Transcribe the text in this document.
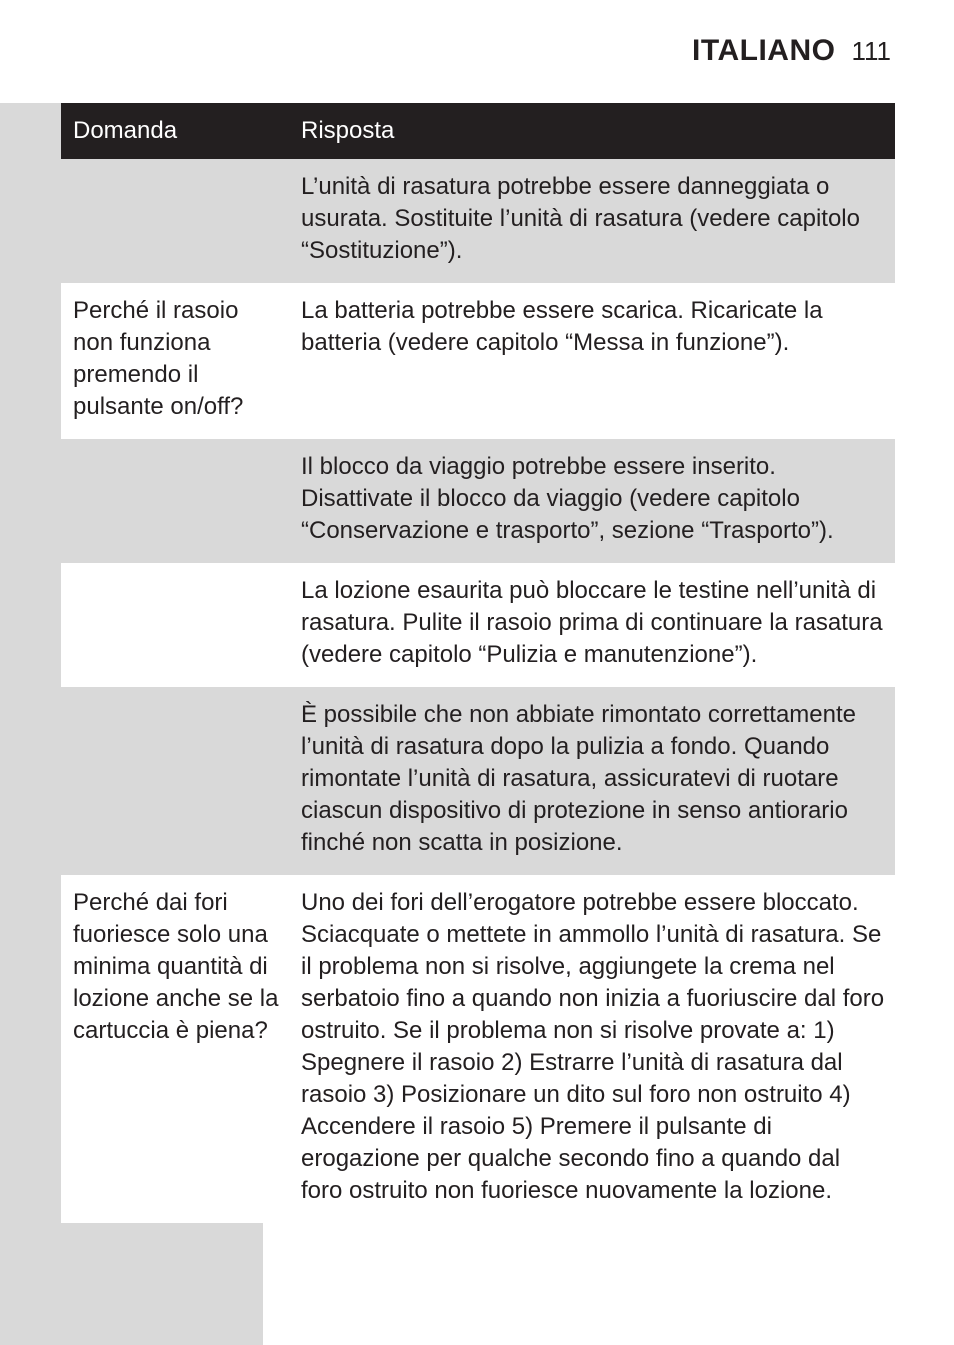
ITALIANO 111
Domanda	Risposta
L’unità di rasatura potrebbe essere danneggiata o usurata. Sostituite l’unità di rasatura (vedere capitolo “Sostituzione”).
Perché il rasoio non funziona premendo il pulsante on/off?
La batteria potrebbe essere scarica. Ricaricate la batteria (vedere capitolo “Messa in funzione”).
Il blocco da viaggio potrebbe essere inserito. Disattivate il blocco da viaggio (vedere capitolo “Conservazione e trasporto”, sezione “Trasporto”).
La lozione esaurita può bloccare le testine nell’unità di rasatura. Pulite il rasoio prima di continuare la rasatura (vedere capitolo “Pulizia e manutenzione”).
È possibile che non abbiate rimontato correttamente l’unità di rasatura dopo la pulizia a fondo. Quando rimontate l’unità di rasatura, assicuratevi di ruotare ciascun dispositivo di protezione in senso antiorario finché non scatta in posizione.
Perché dai fori fuoriesce solo una minima quantità di lozione anche se la cartuccia è piena?
Uno dei fori dell’erogatore potrebbe essere bloccato. Sciacquate o mettete in ammollo l’unità di rasatura. Se il problema non si risolve, aggiungete la crema nel serbatoio fino a quando non inizia a fuoriuscire dal foro ostruito. Se il problema non si risolve provate a: 1) Spegnere il rasoio 2) Estrarre l’unità di rasatura dal rasoio 3) Posizionare un dito sul foro non ostruito 4) Accendere il rasoio 5) Premere il pulsante di erogazione per qualche secondo fino a quando dal foro ostruito non fuoriesce nuovamente la lozione.
